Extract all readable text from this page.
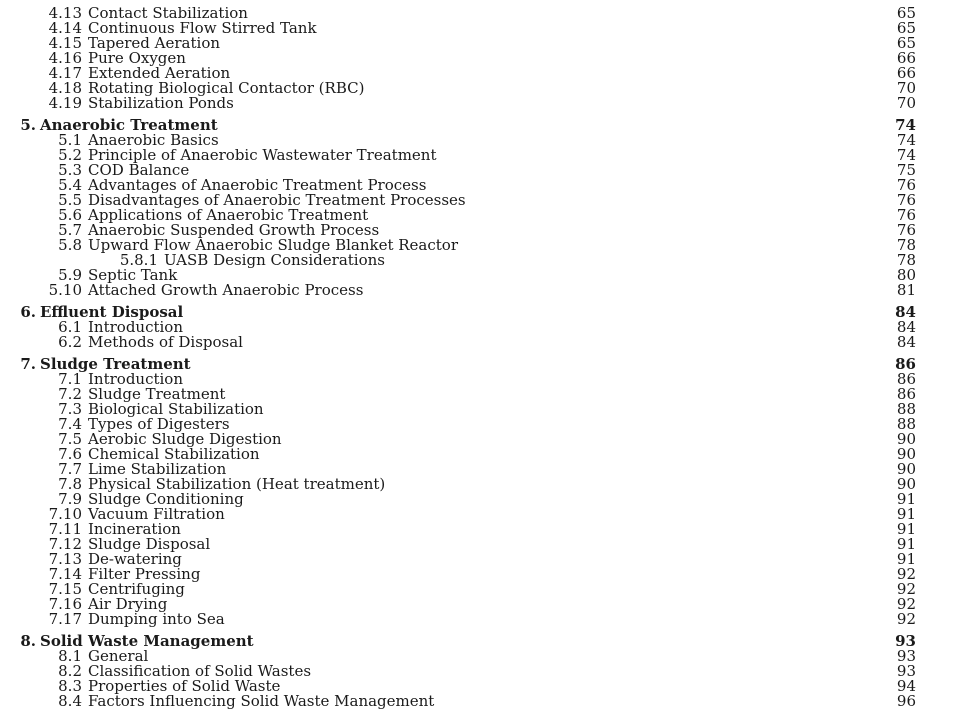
4.13 Contact Stabilization	65
4.14 Continuous Flow Stirred Tank	65
4.15 Tapered Aeration	65
4.16 Pure Oxygen	66
4.17 Extended Aeration	66
4.18 Rotating Biological Contactor (RBC)	70
4.19 Stabilization Ponds	70
5. Anaerobic Treatment	74
5.1 Anaerobic Basics	74
5.2 Principle of Anaerobic Wastewater Treatment	74
5.3 COD Balance	75
5.4 Advantages of Anaerobic Treatment Process	76
5.5 Disadvantages of Anaerobic Treatment Processes	76
5.6 Applications of Anaerobic Treatment	76
5.7 Anaerobic Suspended Growth Process	76
5.8 Upward Flow Anaerobic Sludge Blanket Reactor	78
5.8.1 UASB Design Considerations	78
5.9 Septic Tank	80
5.10 Attached Growth Anaerobic Process	81
6. Effluent Disposal	84
6.1 Introduction	84
6.2 Methods of Disposal	84
7. Sludge Treatment	86
7.1 Introduction	86
7.2 Sludge Treatment	86
7.3 Biological Stabilization	88
7.4 Types of Digesters	88
7.5 Aerobic Sludge Digestion	90
7.6 Chemical Stabilization	90
7.7 Lime Stabilization	90
7.8 Physical Stabilization (Heat treatment)	90
7.9 Sludge Conditioning	91
7.10 Vacuum Filtration	91
7.11 Incineration	91
7.12 Sludge Disposal	91
7.13 De-watering	91
7.14 Filter Pressing	92
7.15 Centrifuging	92
7.16 Air Drying	92
7.17 Dumping into Sea	92
8. Solid Waste Management	93
8.1 General	93
8.2 Classification of Solid Wastes	93
8.3 Properties of Solid Waste	94
8.4 Factors Influencing Solid Waste Management	96
